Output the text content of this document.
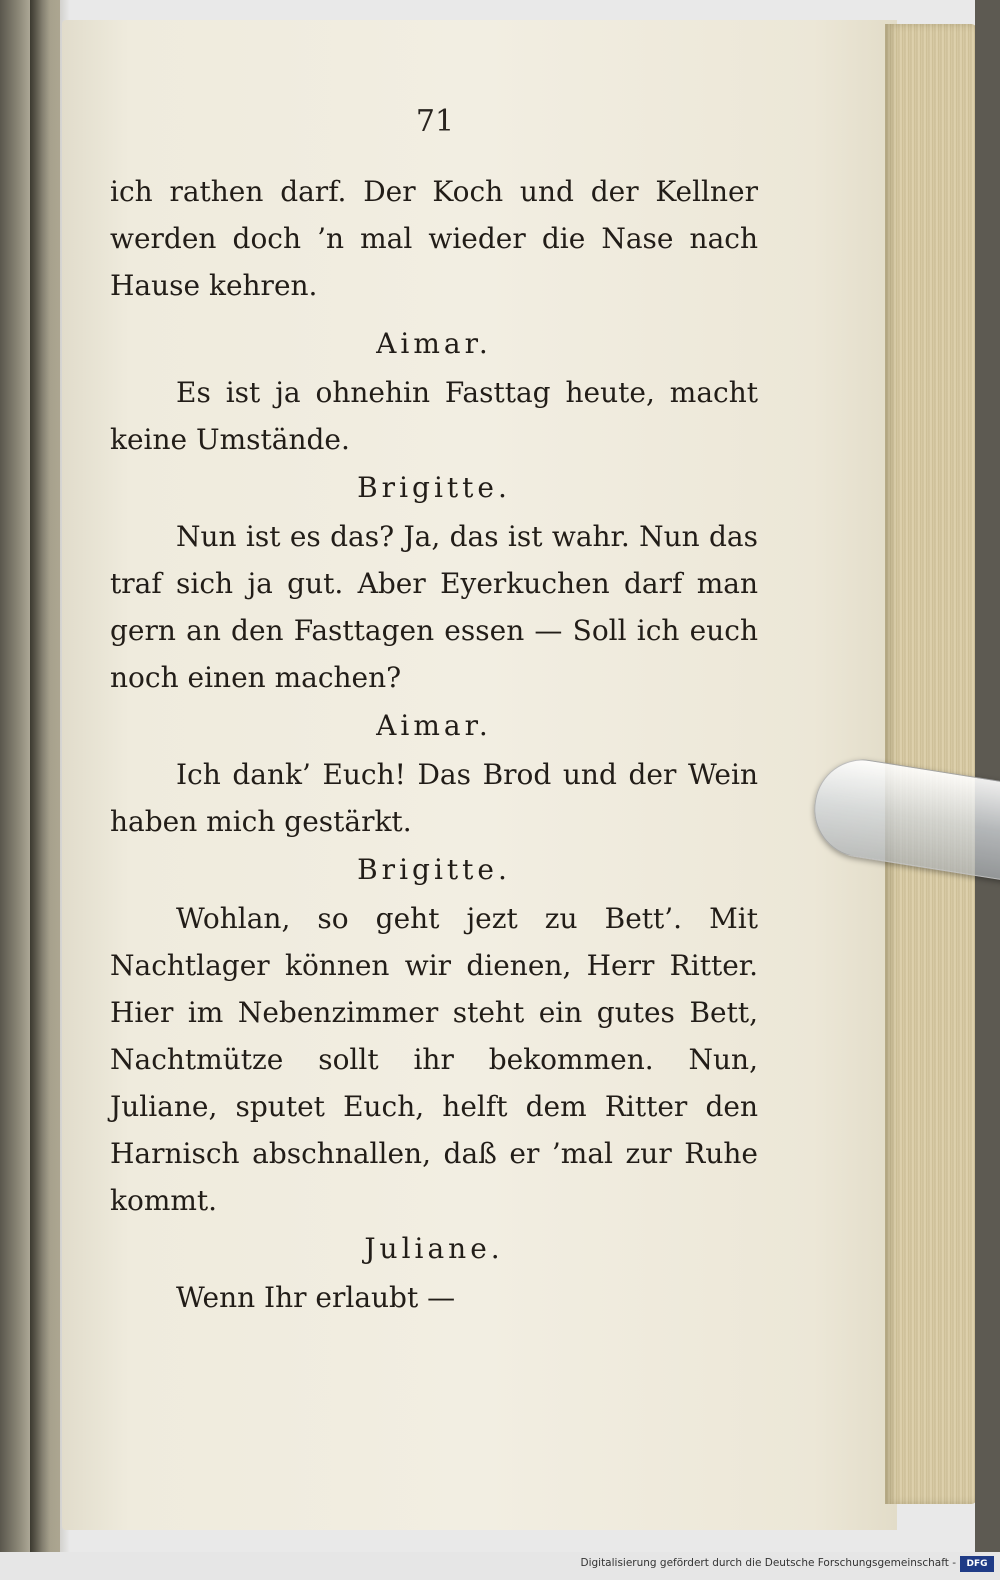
71

ich rathen darf. Der Koch und der Kellner werden doch ’n mal wieder die Nase nach Hause kehren.

Aimar.

Es ist ja ohnehin Fasttag heute, macht keine Umstände.

Brigitte.

Nun ist es das? Ja, das ist wahr. Nun das traf sich ja gut. Aber Eyerkuchen darf man gern an den Fasttagen essen — Soll ich euch noch einen machen?

Aimar.

Ich dank’ Euch! Das Brod und der Wein haben mich gestärkt.

Brigitte.

Wohlan, so geht jezt zu Bett’. Mit Nachtlager können wir dienen, Herr Ritter. Hier im Nebenzimmer steht ein gutes Bett, Nachtmütze sollt ihr bekommen. Nun, Juliane, sputet Euch, helft dem Ritter den Harnisch abschnallen, daß er ’mal zur Ruhe kommt.

Juliane.

Wenn Ihr erlaubt —

Digitalisierung gefördert durch die Deutsche Forschungsgemeinschaft -	DFG
